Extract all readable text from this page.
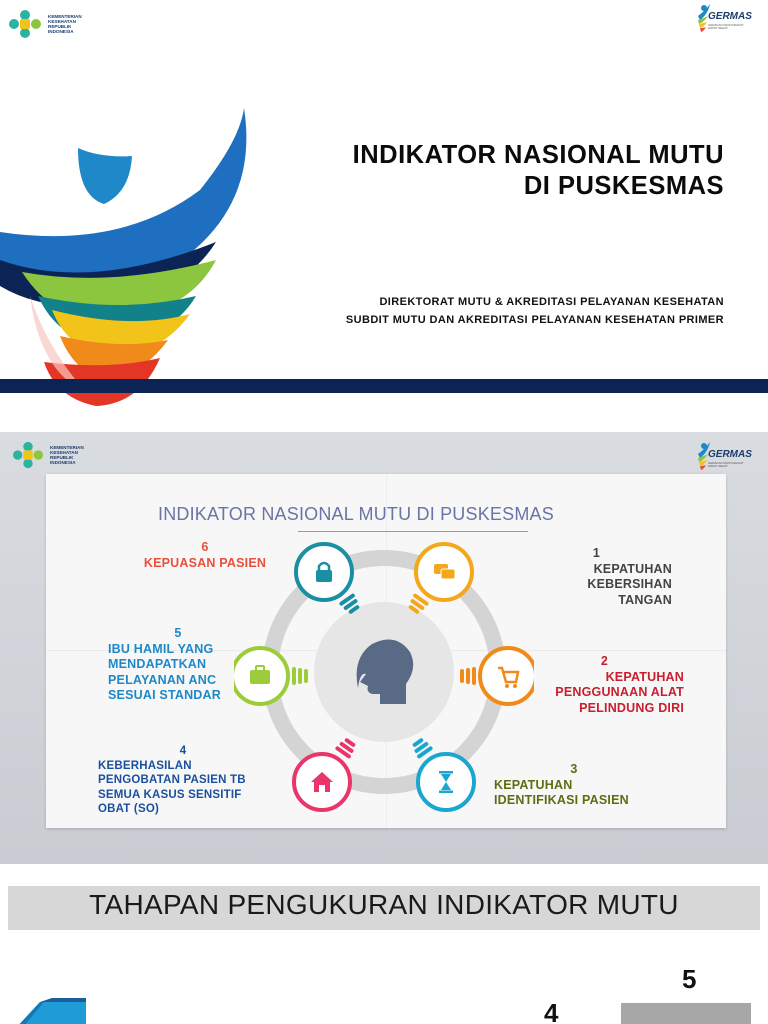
KEMENTERIAN
KESEHATAN
REPUBLIK
INDONESIA
GERMAS
GERAKAN MASYARAKAT HIDUP SEHAT
INDIKATOR NASIONAL MUTU
DI PUSKESMAS
DIREKTORAT MUTU & AKREDITASI PELAYANAN KESEHATAN
SUBDIT MUTU DAN AKREDITASI PELAYANAN KESEHATAN PRIMER
KEMENTERIAN
KESEHATAN
REPUBLIK
INDONESIA
GERMAS
GERAKAN MASYARAKAT HIDUP SEHAT
INDIKATOR NASIONAL MUTU DI PUSKESMAS
6
KEPUASAN PASIEN
1
KEPATUHAN
KEBERSIHAN
TANGAN
5
IBU HAMIL YANG
MENDAPATKAN
PELAYANAN ANC
SESUAI STANDAR
2
KEPATUHAN
PENGGUNAAN ALAT
PELINDUNG DIRI
4
KEBERHASILAN
PENGOBATAN PASIEN TB
SEMUA KASUS SENSITIF
OBAT (SO)
3
KEPATUHAN
IDENTIFIKASI PASIEN
TAHAPAN PENGUKURAN INDIKATOR MUTU
5
4
